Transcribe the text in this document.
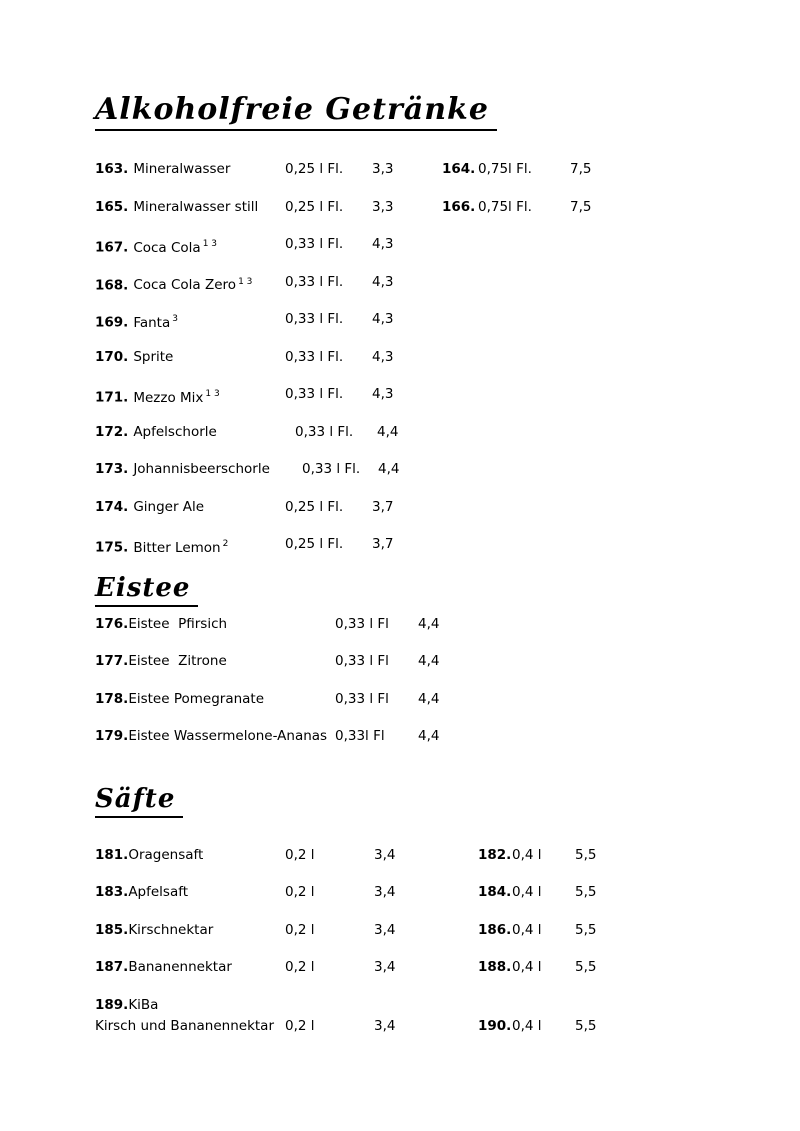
Alkoholfreie Getränke
163. Mineralwasser	0,25 l Fl. 3,3	164. 0,75l Fl.	7,5
165. Mineralwasser still 0,25 l Fl. 3,3	166. 0,75l Fl.	7,5
167. Coca Cola $^{1 3}$	0,33 l Fl. 4,3
168. Coca Cola Zero $^{1 3}$ 0,33 l Fl. 4,3
169. Fanta $^3$	0,33 l Fl. 4,3
170. Sprite	0,33 l Fl. 4,3
171. Mezzo Mix $^{1 3}$	0,33 l Fl. 4,3
172. Apfelschorle	0,33 l Fl. 4,4
173. Johannisbeerschorle 0,33 l Fl. 4,4
174. Ginger Ale	0,25 l Fl. 3,7
175. Bitter Lemon $^2$	0,25 l Fl. 3,7
Eistee
176.Eistee  Pfirsich	0,33 l Fl 4,4
177.Eistee  Zitrone	0,33 l Fl 4,4
178.Eistee Pomegranate	0,33 l Fl 4,4
179.Eistee Wassermelone-Ananas 0,33l Fl 4,4
Säfte
181.Oragensaft	0,2 l	3,4	182. 0,4 l 5,5
183.Apfelsaft	0,2 l	3,4	184. 0,4 l 5,5
185.Kirschnektar	0,2 l	3,4	186. 0,4 l 5,5
187.Bananennektar	0,2 l	3,4	188. 0,4 l 5,5
189.KiBa
Kirsch und Bananennektar 0,2 l	3,4	190. 0,4 l 5,5
